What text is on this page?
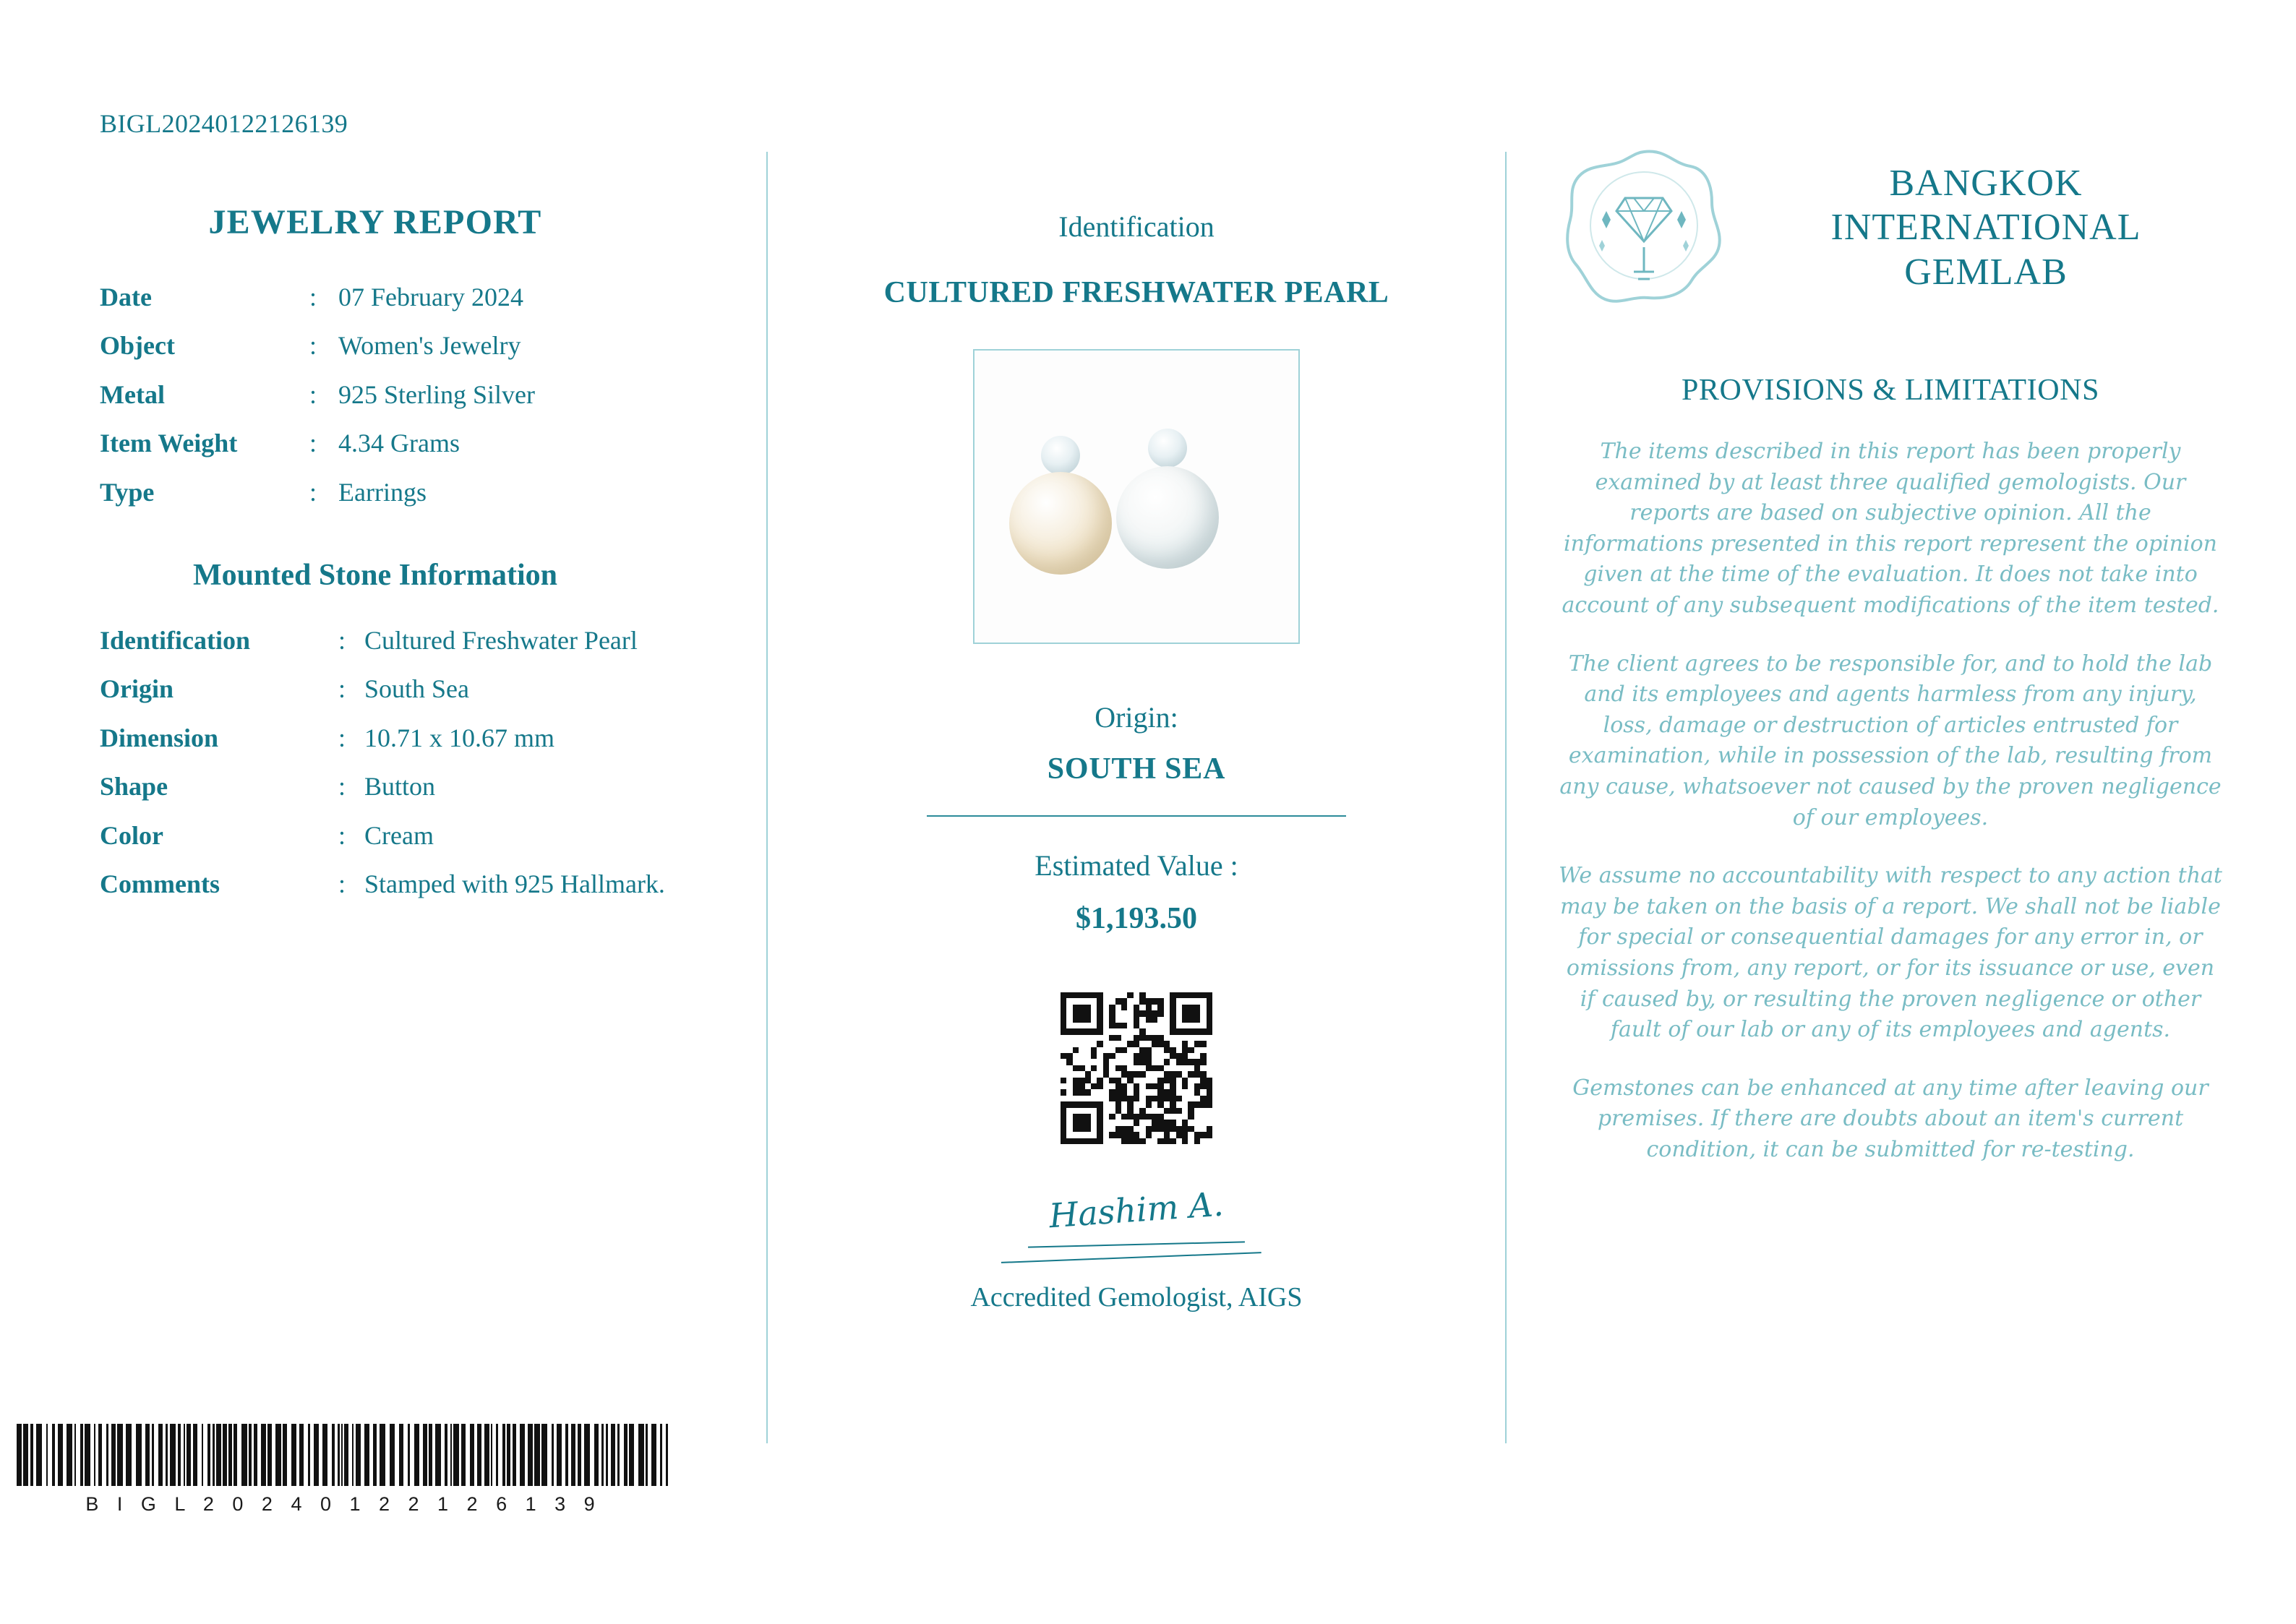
BIGL20240122126139
JEWELRY REPORT
Date	:	07 February 2024
Object	:	Women's Jewelry
Metal	:	925 Sterling Silver
Item Weight	:	4.34 Grams
Type	:	Earrings
Mounted Stone Information
Identification	:	Cultured Freshwater Pearl
Origin	:	South Sea
Dimension	:	10.71 x 10.67 mm
Shape	:	Button
Color	:	Cream
Comments	:	Stamped with 925 Hallmark.
B I G L 2 0 2 4 0 1 2 2 1 2 6 1 3 9
Identification
CULTURED FRESHWATER PEARL
Origin:
SOUTH SEA
Estimated Value :
$1,193.50
Hashim A.
Accredited Gemologist, AIGS
BANGKOK
INTERNATIONAL
GEMLAB
PROVISIONS & LIMITATIONS

The items described in this report has been properly examined by at least three qualified gemologists. Our reports are based on subjective opinion. All the informations presented in this report represent the opinion given at the time of the evaluation. It does not take into account of any subsequent modifications of the item tested.

The client agrees to be responsible for, and to hold the lab and its employees and agents harmless from any injury, loss, damage or destruction of articles entrusted for examination, while in possession of the lab, resulting from any cause, whatsoever not caused by the proven negligence of our employees.

We assume no accountability with respect to any action that may be taken on the basis of a report. We shall not be liable for special or consequential damages for any error in, or omissions from, any report, or for its issuance or use, even if caused by, or resulting the proven negligence or other fault of our lab or any of its employees and agents.

Gemstones can be enhanced at any time after leaving our premises. If there are doubts about an item's current condition, it can be submitted for re-testing.
